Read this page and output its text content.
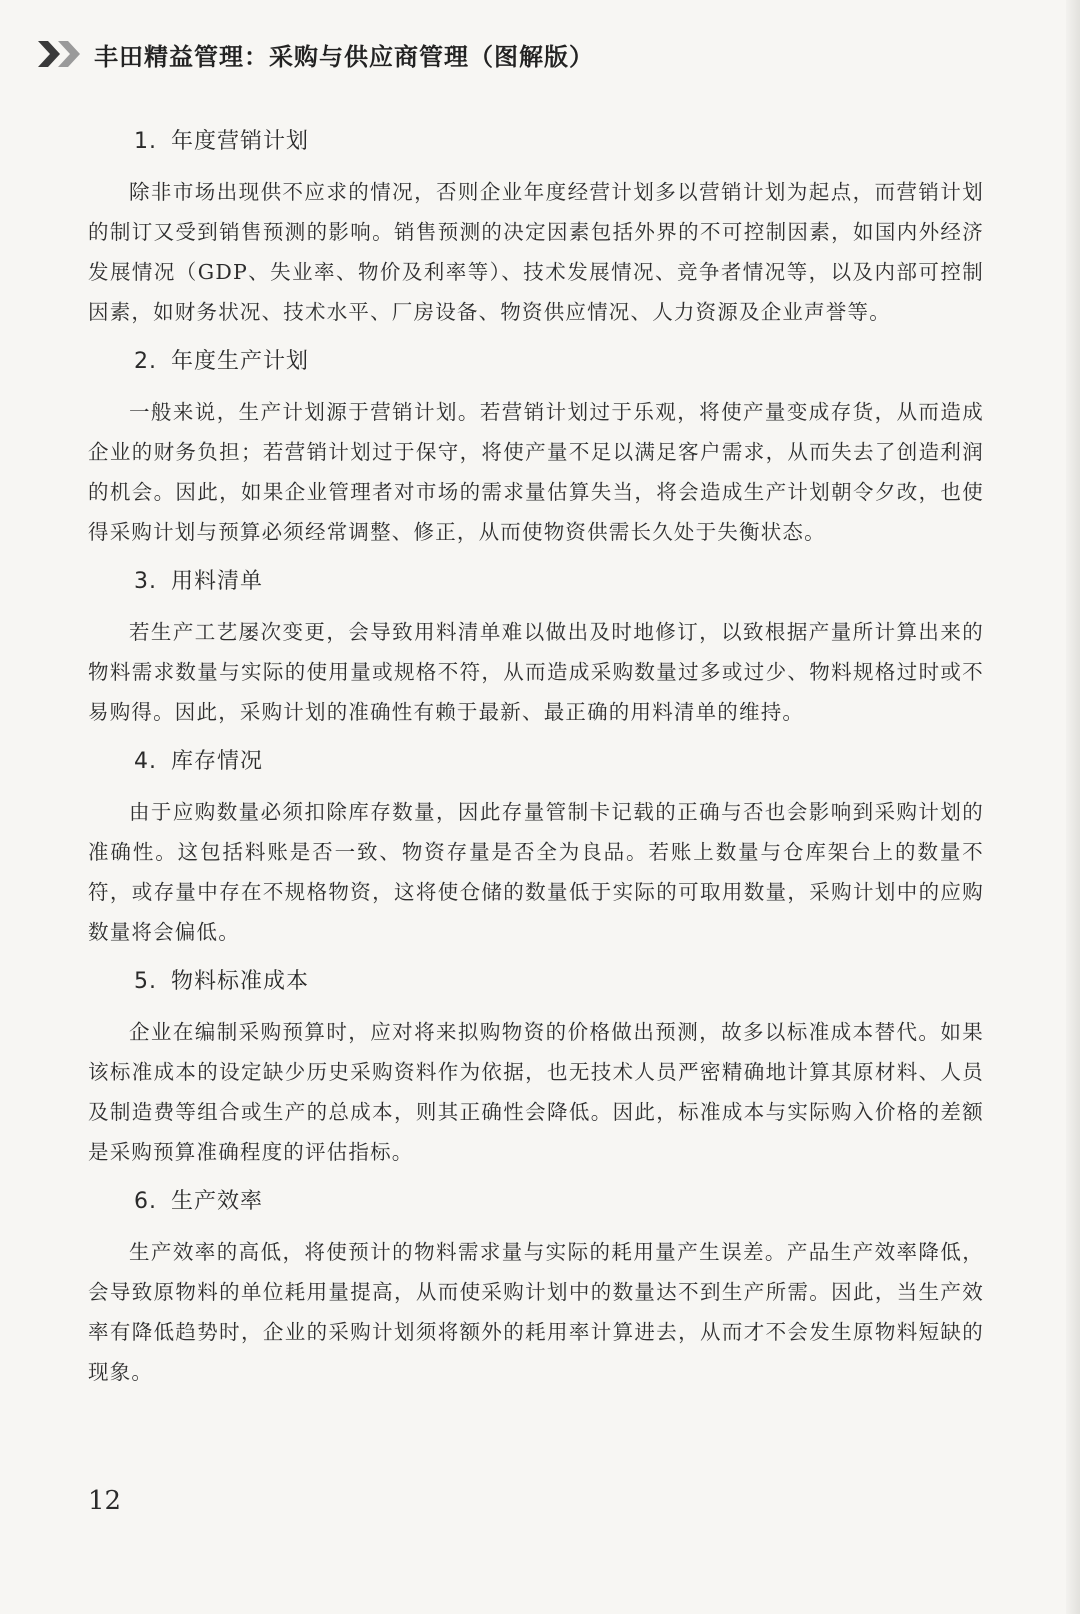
丰田精益管理：采购与供应商管理（图解版）
1. 年度营销计划

除非市场出现供不应求的情况，否则企业年度经营计划多以营销计划为起点，而营销计划的制订又受到销售预测的影响。销售预测的决定因素包括外界的不可控制因素，如国内外经济发展情况（GDP、失业率、物价及利率等）、技术发展情况、竞争者情况等，以及内部可控制因素，如财务状况、技术水平、厂房设备、物资供应情况、人力资源及企业声誉等。

2. 年度生产计划

一般来说，生产计划源于营销计划。若营销计划过于乐观，将使产量变成存货，从而造成企业的财务负担；若营销计划过于保守，将使产量不足以满足客户需求，从而失去了创造利润的机会。因此，如果企业管理者对市场的需求量估算失当，将会造成生产计划朝令夕改，也使得采购计划与预算必须经常调整、修正，从而使物资供需长久处于失衡状态。

3. 用料清单

若生产工艺屡次变更，会导致用料清单难以做出及时地修订，以致根据产量所计算出来的物料需求数量与实际的使用量或规格不符，从而造成采购数量过多或过少、物料规格过时或不易购得。因此，采购计划的准确性有赖于最新、最正确的用料清单的维持。

4. 库存情况

由于应购数量必须扣除库存数量，因此存量管制卡记载的正确与否也会影响到采购计划的准确性。这包括料账是否一致、物资存量是否全为良品。若账上数量与仓库架台上的数量不符，或存量中存在不规格物资，这将使仓储的数量低于实际的可取用数量，采购计划中的应购数量将会偏低。

5. 物料标准成本

企业在编制采购预算时，应对将来拟购物资的价格做出预测，故多以标准成本替代。如果该标准成本的设定缺少历史采购资料作为依据，也无技术人员严密精确地计算其原材料、人员及制造费等组合或生产的总成本，则其正确性会降低。因此，标准成本与实际购入价格的差额是采购预算准确程度的评估指标。

6. 生产效率

生产效率的高低，将使预计的物料需求量与实际的耗用量产生误差。产品生产效率降低，会导致原物料的单位耗用量提高，从而使采购计划中的数量达不到生产所需。因此，当生产效率有降低趋势时，企业的采购计划须将额外的耗用率计算进去，从而才不会发生原物料短缺的现象。

12
